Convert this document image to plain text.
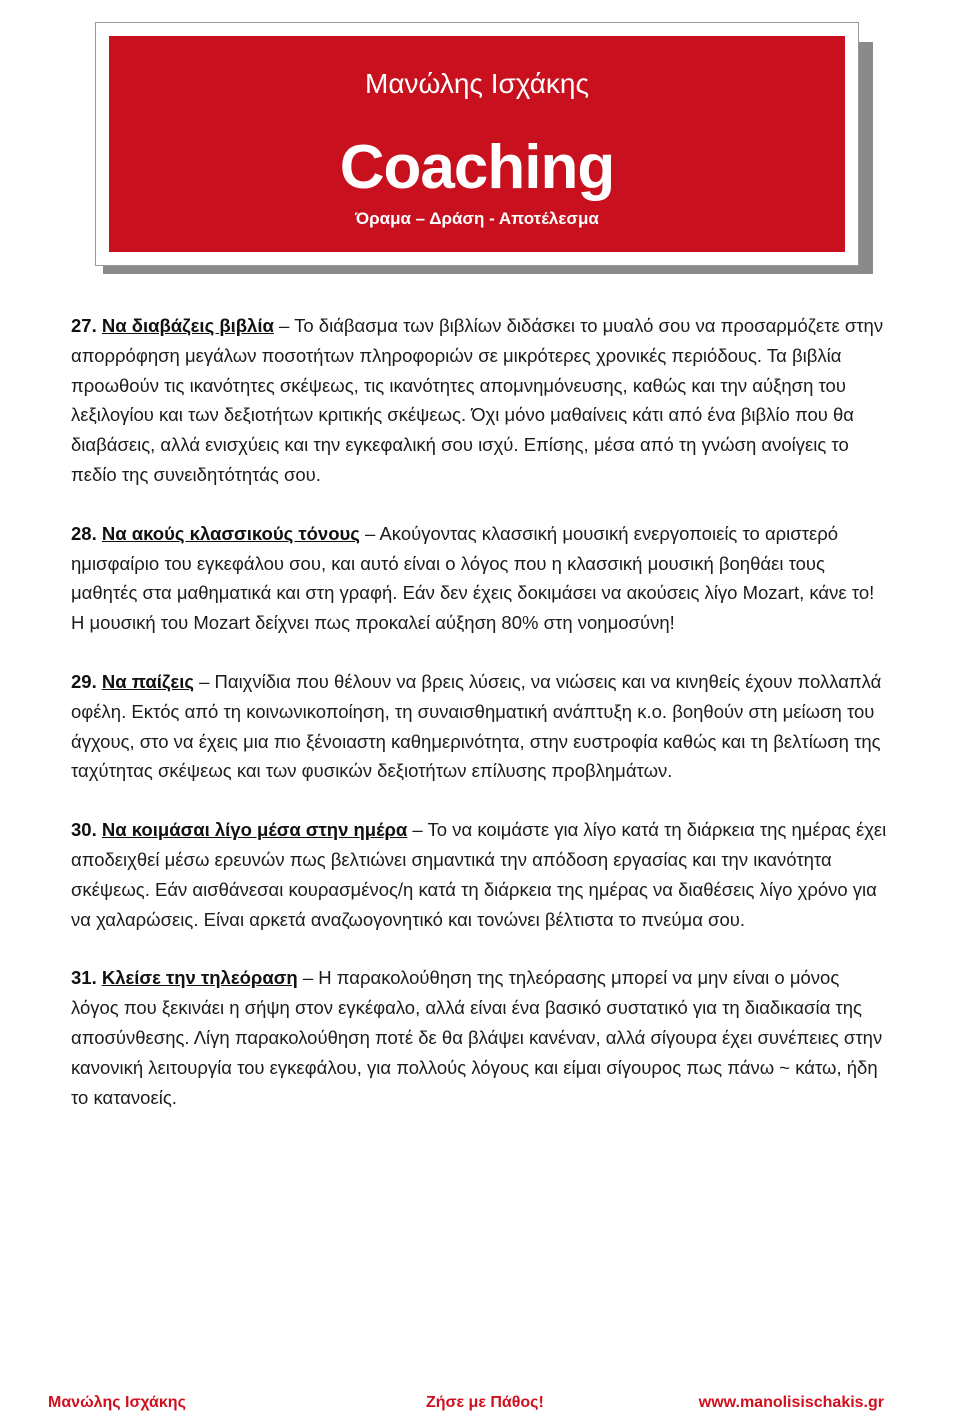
Μανώλης Ισχάκης
Coaching
Όραμα – Δράση - Αποτέλεσμα

27. Να διαβάζεις βιβλία – Το διάβασμα των βιβλίων διδάσκει το μυαλό σου να προσαρμόζετε στην απορρόφηση μεγάλων ποσοτήτων πληροφοριών σε μικρότερες χρονικές περιόδους. Τα βιβλία προωθούν τις ικανότητες σκέψεως, τις ικανότητες απομνημόνευσης, καθώς και την αύξηση του λεξιλογίου και των δεξιοτήτων κριτικής σκέψεως. Όχι μόνο μαθαίνεις κάτι από ένα βιβλίο που θα διαβάσεις, αλλά ενισχύεις και την εγκεφαλική σου ισχύ. Επίσης, μέσα από τη γνώση ανοίγεις το πεδίο της συνειδητότητάς σου.

28. Να ακούς κλασσικούς τόνους – Ακούγοντας κλασσική μουσική ενεργοποιείς το αριστερό ημισφαίριο του εγκεφάλου σου, και αυτό είναι ο λόγος που η κλασσική μουσική βοηθάει τους μαθητές στα μαθηματικά και στη γραφή. Εάν δεν έχεις δοκιμάσει να ακούσεις λίγο Mozart, κάνε το! Η μουσική του Mozart δείχνει πως προκαλεί αύξηση 80% στη νοημοσύνη!

29. Να παίζεις – Παιχνίδια που θέλουν να βρεις λύσεις, να νιώσεις και να κινηθείς έχουν πολλαπλά οφέλη. Εκτός από τη κοινωνικοποίηση, τη συναισθηματική ανάπτυξη κ.ο. βοηθούν στη μείωση του άγχους, στο να έχεις μια πιο ξένοιαστη καθημερινότητα, στην ευστροφία καθώς και τη βελτίωση της ταχύτητας σκέψεως και των φυσικών δεξιοτήτων επίλυσης προβλημάτων.

30. Να κοιμάσαι λίγο μέσα στην ημέρα – Το να κοιμάστε για λίγο κατά τη διάρκεια της ημέρας έχει αποδειχθεί μέσω ερευνών πως βελτιώνει σημαντικά την απόδοση εργασίας και την ικανότητα σκέψεως. Εάν αισθάνεσαι κουρασμένος/η κατά τη διάρκεια της ημέρας να διαθέσεις λίγο χρόνο για να χαλαρώσεις. Είναι αρκετά αναζωογονητικό και τονώνει βέλτιστα το πνεύμα σου.

31. Κλείσε την τηλεόραση – Η παρακολούθηση της τηλεόρασης μπορεί να μην είναι ο μόνος λόγος που ξεκινάει η σήψη στον εγκέφαλο, αλλά είναι ένα βασικό συστατικό για τη διαδικασία της αποσύνθεσης. Λίγη παρακολούθηση ποτέ δε θα βλάψει κανέναν, αλλά σίγουρα έχει συνέπειες στην κανονική λειτουργία του εγκεφάλου, για πολλούς λόγους και είμαι σίγουρος πως πάνω ~ κάτω, ήδη το κατανοείς.

Μανώλης Ισχάκης	Ζήσε με Πάθος!	www.manolisischakis.gr
